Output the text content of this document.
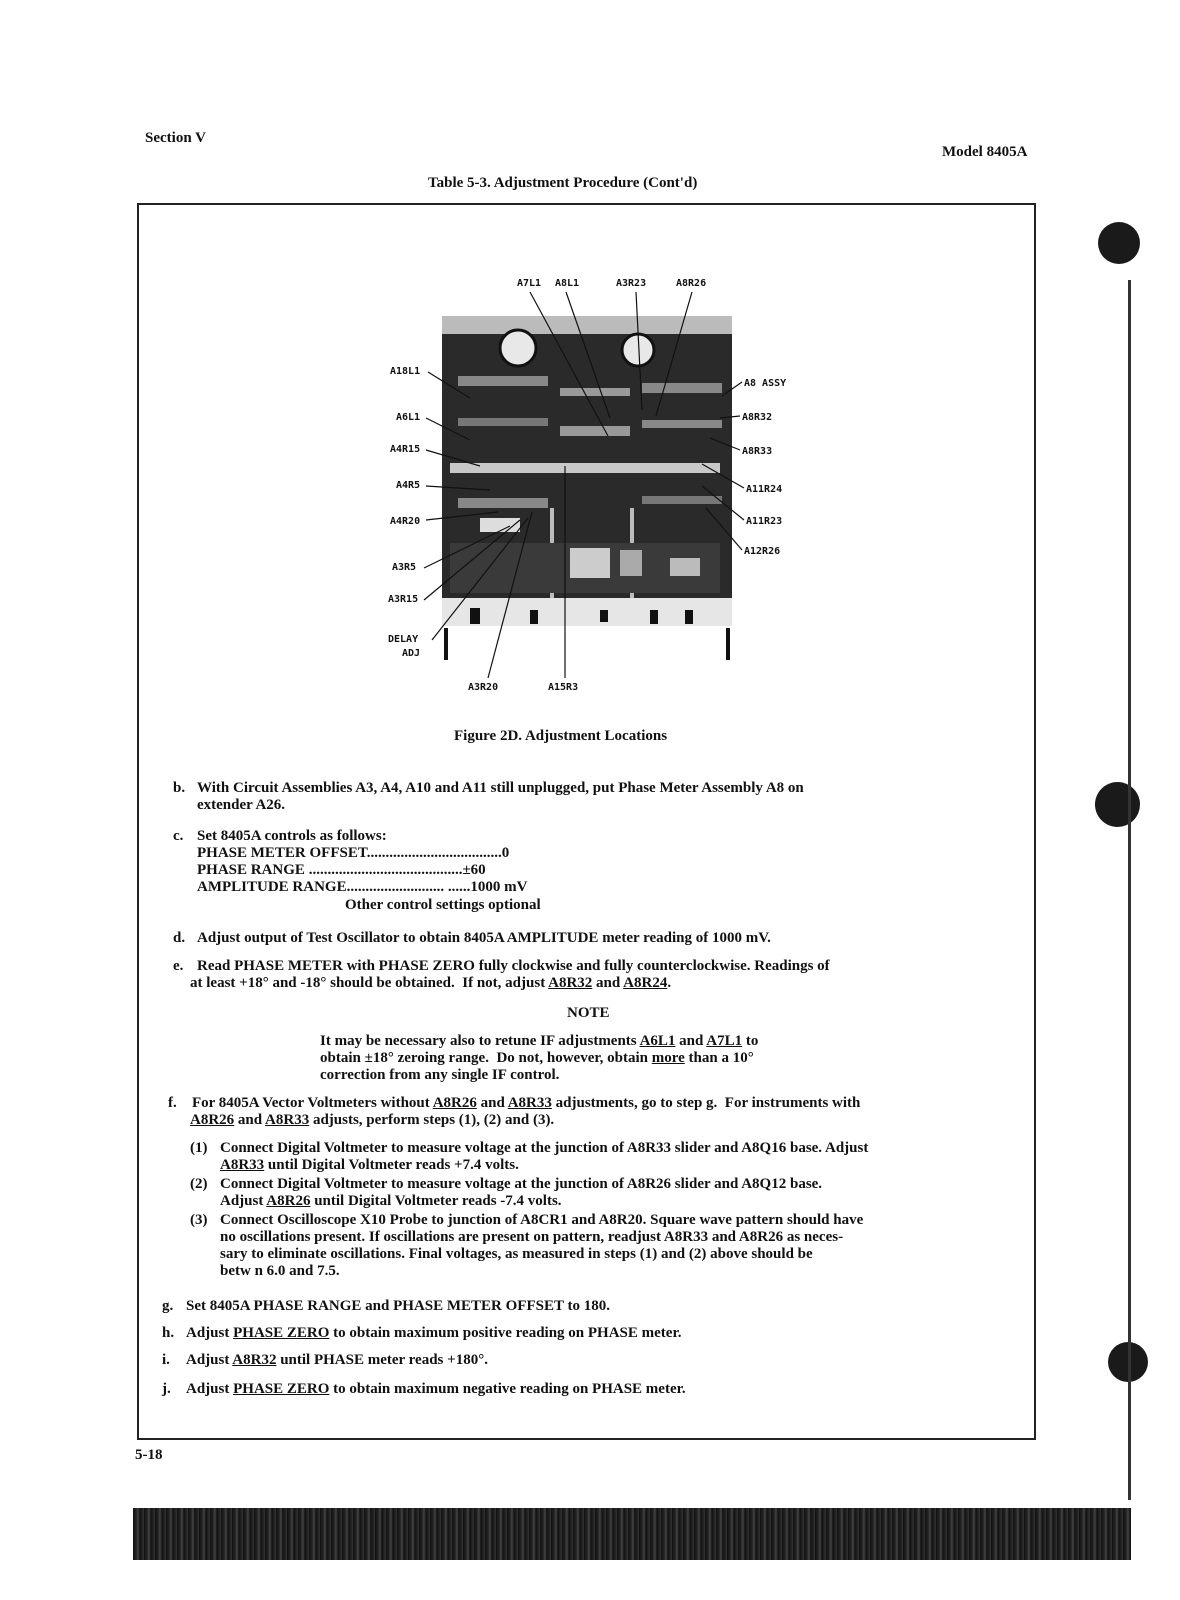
Section V
Model 8405A
Table 5-3. Adjustment Procedure (Cont'd)
A7L1 A8L1	A3R23	A8R26
A18L1
A6L1
A4R15
A4R5
A4R20
A3R5
A3R15
DELAY
ADJ
A8 ASSY
A8R32
A8R33
A11R24
A11R23
A12R26
A3R20	A15R3
Figure 2D. Adjustment Locations
b. With Circuit Assemblies A3, A4, A10 and A11 still unplugged, put Phase Meter Assembly A8 on
extender A26.
c. Set 8405A controls as follows:
PHASE METER OFFSET....................................0
PHASE RANGE .........................................±60
AMPLITUDE RANGE.......................... ......1000 mV
Other control settings optional
d. Adjust output of Test Oscillator to obtain 8405A AMPLITUDE meter reading of 1000 mV.
e. Read PHASE METER with PHASE ZERO fully clockwise and fully counterclockwise. Readings of
at least +18° and -18° should be obtained.  If not, adjust A8R32 and A8R24.
NOTE
It may be necessary also to retune IF adjustments A6L1 and A7L1 to
obtain ±18° zeroing range.  Do not, however, obtain more than a 10°
correction from any single IF control.
f. For 8405A Vector Voltmeters without A8R26 and A8R33 adjustments, go to step g.  For instruments with
A8R26 and A8R33 adjusts, perform steps (1), (2) and (3).
(1) Connect Digital Voltmeter to measure voltage at the junction of A8R33 slider and A8Q16 base. Adjust
A8R33 until Digital Voltmeter reads +7.4 volts.
(2) Connect Digital Voltmeter to measure voltage at the junction of A8R26 slider and A8Q12 base.
Adjust A8R26 until Digital Voltmeter reads -7.4 volts.
(3) Connect Oscilloscope X10 Probe to junction of A8CR1 and A8R20. Square wave pattern should have
no oscillations present. If oscillations are present on pattern, readjust A8R33 and A8R26 as neces-
sary to eliminate oscillations. Final voltages, as measured in steps (1) and (2) above should be
betw n 6.0 and 7.5.
g. Set 8405A PHASE RANGE and PHASE METER OFFSET to 180.
h. Adjust PHASE ZERO to obtain maximum positive reading on PHASE meter.
i. Adjust A8R32 until PHASE meter reads +180°.
j. Adjust PHASE ZERO to obtain maximum negative reading on PHASE meter.
5-18
